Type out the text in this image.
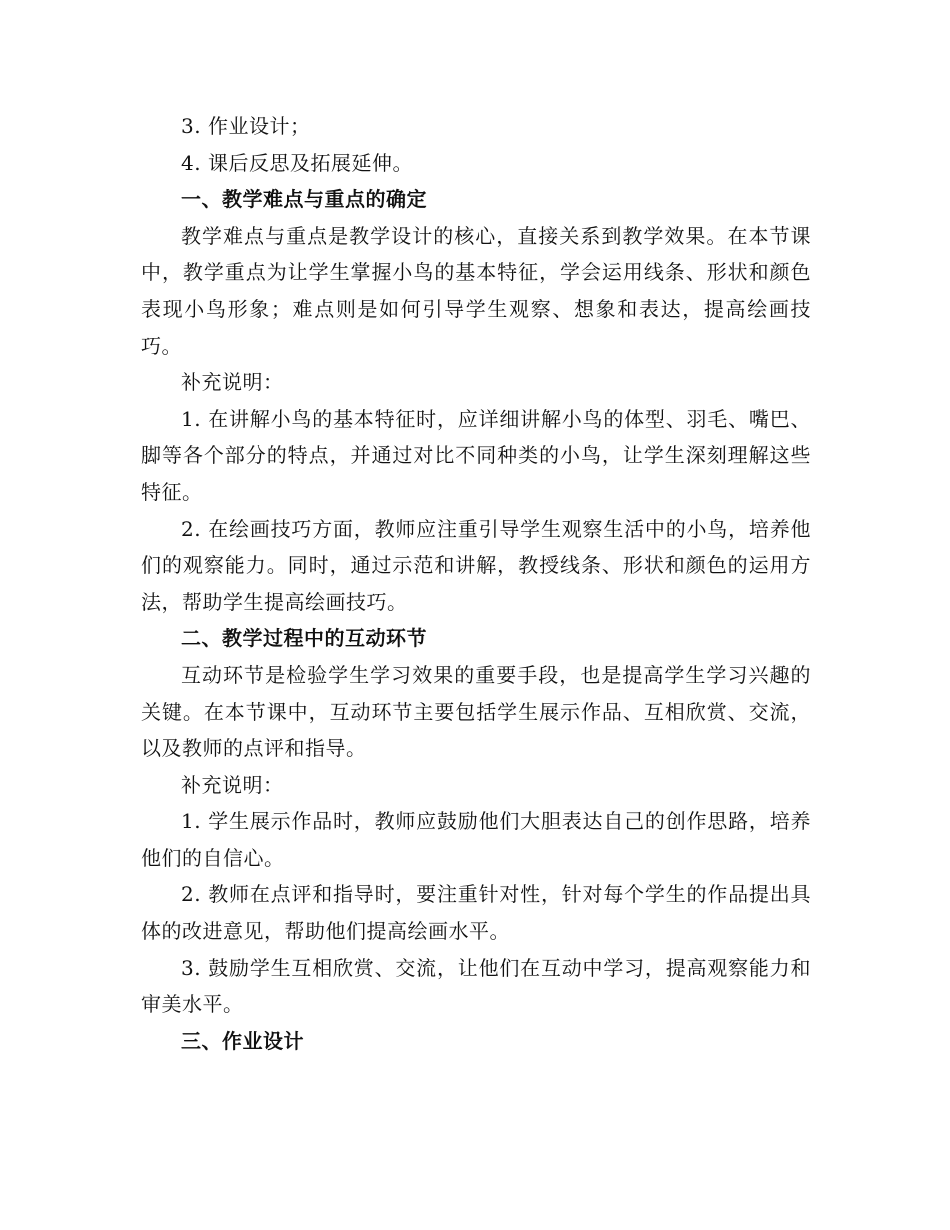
3. 作业设计；

4. 课后反思及拓展延伸。

一、教学难点与重点的确定

教学难点与重点是教学设计的核心，直接关系到教学效果。在本节课中，教学重点为让学生掌握小鸟的基本特征，学会运用线条、形状和颜色表现小鸟形象；难点则是如何引导学生观察、想象和表达，提高绘画技巧。

补充说明：

1. 在讲解小鸟的基本特征时，应详细讲解小鸟的体型、羽毛、嘴巴、脚等各个部分的特点，并通过对比不同种类的小鸟，让学生深刻理解这些特征。

2. 在绘画技巧方面，教师应注重引导学生观察生活中的小鸟，培养他们的观察能力。同时，通过示范和讲解，教授线条、形状和颜色的运用方法，帮助学生提高绘画技巧。

二、教学过程中的互动环节

互动环节是检验学生学习效果的重要手段，也是提高学生学习兴趣的关键。在本节课中，互动环节主要包括学生展示作品、互相欣赏、交流，以及教师的点评和指导。

补充说明：

1. 学生展示作品时，教师应鼓励他们大胆表达自己的创作思路，培养他们的自信心。

2. 教师在点评和指导时，要注重针对性，针对每个学生的作品提出具体的改进意见，帮助他们提高绘画水平。

3. 鼓励学生互相欣赏、交流，让他们在互动中学习，提高观察能力和审美水平。

三、作业设计
